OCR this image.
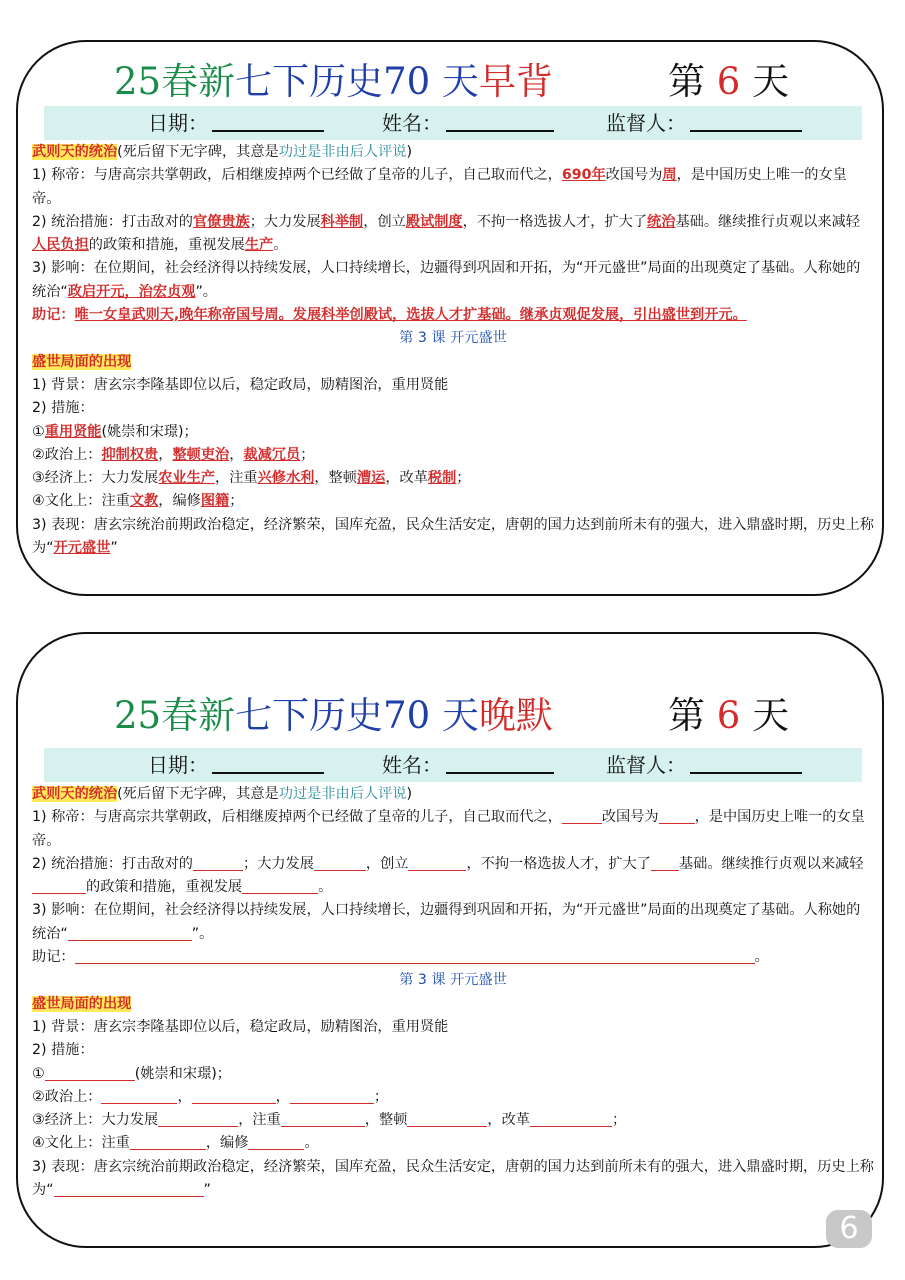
25春新七下历史70 天早背	第 6 天
日期：	姓名：	监督人：

武则天的统治(死后留下无字碑，其意是功过是非由后人评说)

1) 称帝：与唐高宗共掌朝政，后相继废掉两个已经做了皇帝的儿子，自己取而代之，690年改国号为周，是中国历史上唯一的女皇帝。

2) 统治措施：打击敌对的官僚贵族；大力发展科举制，创立殿试制度，不拘一格选拔人才，扩大了统治基础。继续推行贞观以来减轻人民负担的政策和措施，重视发展生产。

3) 影响：在位期间，社会经济得以持续发展，人口持续增长，边疆得到巩固和开拓，为“开元盛世”局面的出现奠定了基础。人称她的统治“政启开元，治宏贞观”。

助记：唯一女皇武则天,晚年称帝国号周。发展科举创殿试，选拔人才扩基础。继承贞观促发展，引出盛世到开元。

第 3 课 开元盛世

盛世局面的出现

1) 背景：唐玄宗李隆基即位以后，稳定政局，励精图治，重用贤能

2) 措施：

①重用贤能(姚崇和宋璟)；

②政治上：抑制权贵，整顿吏治，裁减冗员；

③经济上：大力发展农业生产，注重兴修水利，整顿漕运，改革税制；

④文化上：注重文教，编修图籍；

3) 表现：唐玄宗统治前期政治稳定，经济繁荣，国库充盈，民众生活安定，唐朝的国力达到前所未有的强大，进入鼎盛时期，历史上称为“开元盛世”

25春新七下历史70 天晚默	第 6 天
日期：	姓名：	监督人：

武则天的统治(死后留下无字碑，其意是功过是非由后人评说)

1) 称帝：与唐高宗共掌朝政，后相继废掉两个已经做了皇帝的儿子，自己取而代之，	改国号为	，是中国历史上唯一的女皇帝。

2) 统治措施：打击敌对的	；大力发展	，创立	，不拘一格选拔人才，扩大了 基础。继续推行贞观以来减轻的政策和措施，重视发展	。

3) 影响：在位期间，社会经济得以持续发展，人口持续增长，边疆得到巩固和开拓，为“开元盛世”局面的出现奠定了基础。人称她的统治“	”。

助记：	。

第 3 课 开元盛世

盛世局面的出现

1) 背景：唐玄宗李隆基即位以后，稳定政局，励精图治，重用贤能

2) 措施：

①	(姚崇和宋璟)；

②政治上：	，	，	；

③经济上：大力发展	，注重	，整顿	，改革	；

④文化上：注重	，编修	。

3) 表现：唐玄宗统治前期政治稳定，经济繁荣，国库充盈，民众生活安定，唐朝的国力达到前所未有的强大，进入鼎盛时期，历史上称为“	”

6
